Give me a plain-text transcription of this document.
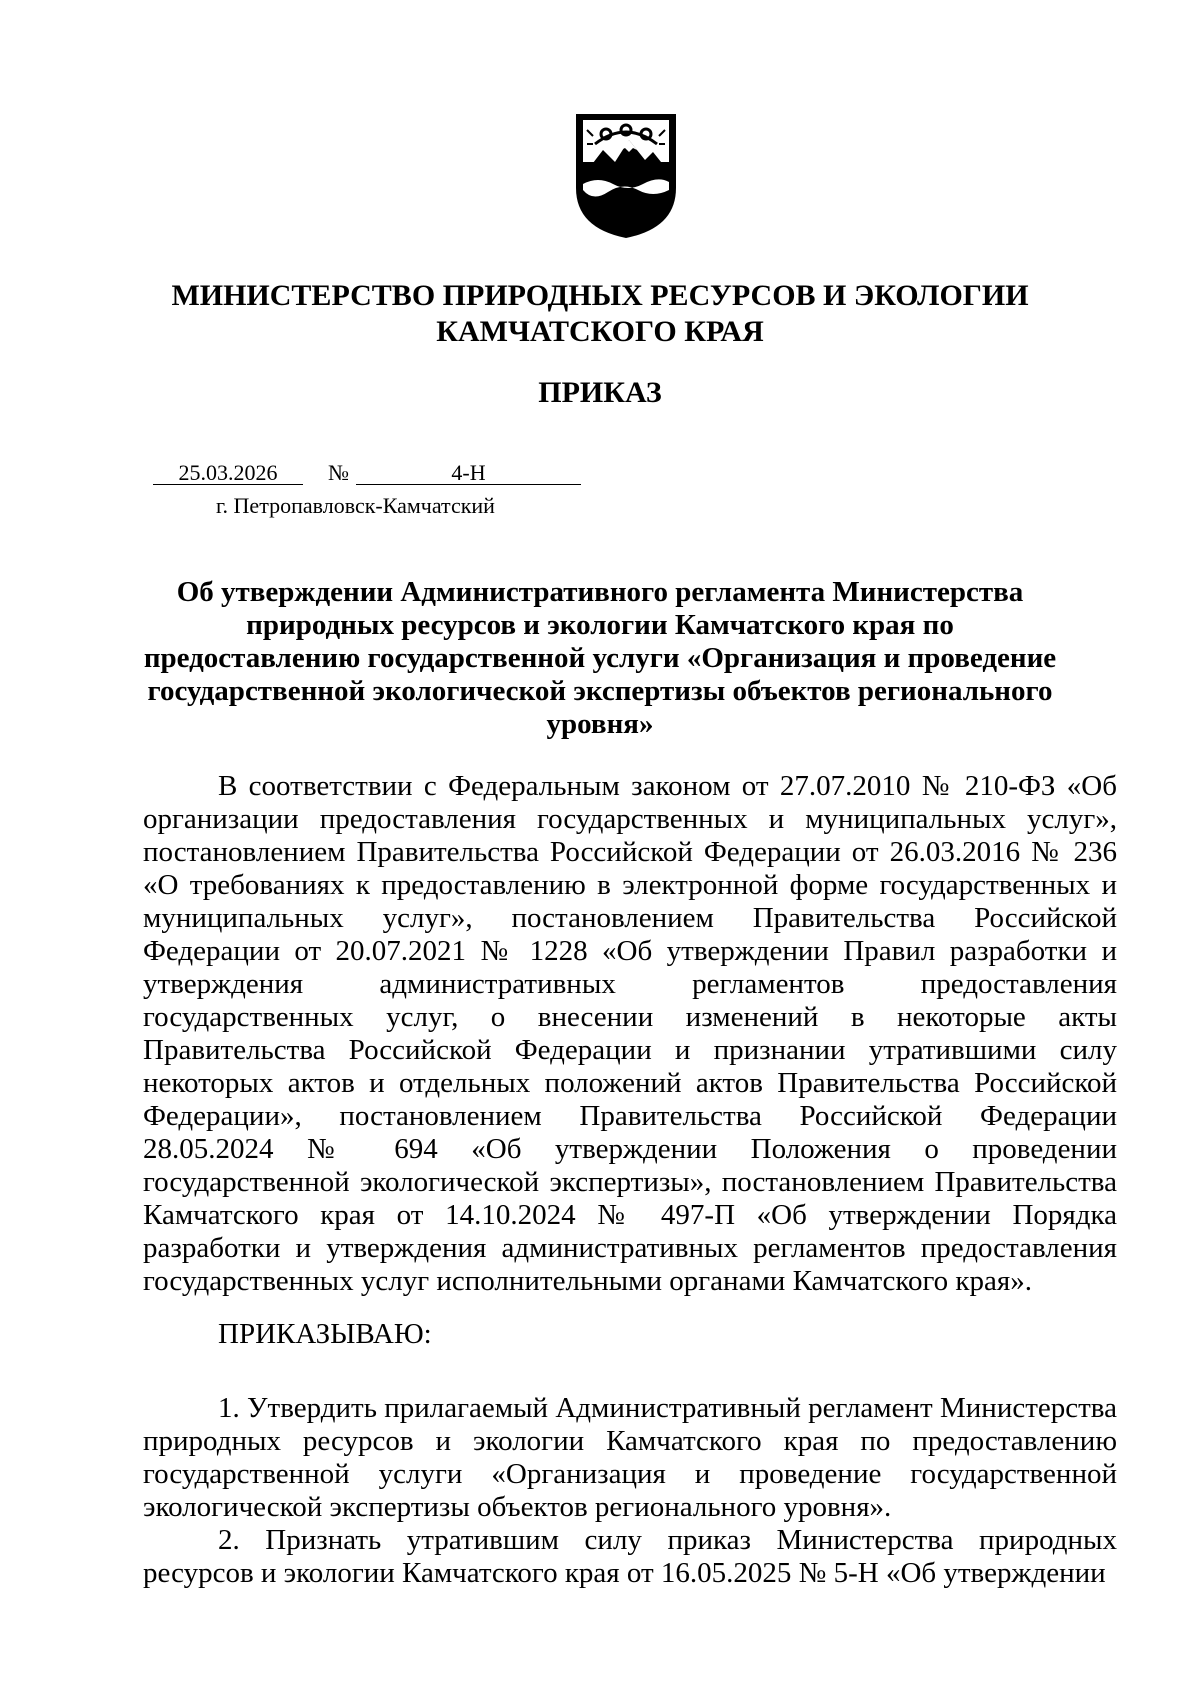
МИНИСТЕРСТВО ПРИРОДНЫХ РЕСУРСОВ И ЭКОЛОГИИ
КАМЧАТСКОГО КРАЯ
ПРИКАЗ
25.03.2026	№	4-Н
г. Петропавловск-Камчатский
Об утверждении Административного регламента Министерства природных ресурсов и экологии Камчатского края по предоставлению государственной услуги «Организация и проведение государственной экологической экспертизы объектов регионального уровня»

В соответствии с Федеральным законом от 27.07.2010 № 210-ФЗ «Об организации предоставления государственных и муниципальных услуг», постановлением Правительства Российской Федерации от 26.03.2016 № 236 «О требованиях к предоставлению в электронной форме государственных и муниципальных услуг», постановлением Правительства Российской Федерации от 20.07.2021 № 1228 «Об утверждении Правил разработки и утверждения административных регламентов предоставления государственных услуг, о внесении изменений в некоторые акты Правительства Российской Федерации и признании утратившими силу некоторых актов и отдельных положений актов Правительства Российской Федерации», постановлением Правительства Российской Федерации 28.05.2024 № 694 «Об утверждении Положения о проведении государственной экологической экспертизы», постановлением Правительства Камчатского края от 14.10.2024 № 497-П «Об утверждении Порядка разработки и утверждения административных регламентов предоставления государственных услуг исполнительными органами Камчатского края».

ПРИКАЗЫВАЮ:

1. Утвердить прилагаемый Административный регламент Министерства природных ресурсов и экологии Камчатского края по предоставлению государственной услуги «Организация и проведение государственной экологической экспертизы объектов регионального уровня».

2. Признать утратившим силу приказ Министерства природных ресурсов и экологии Камчатского края от 16.05.2025 № 5-Н «Об утверждении
